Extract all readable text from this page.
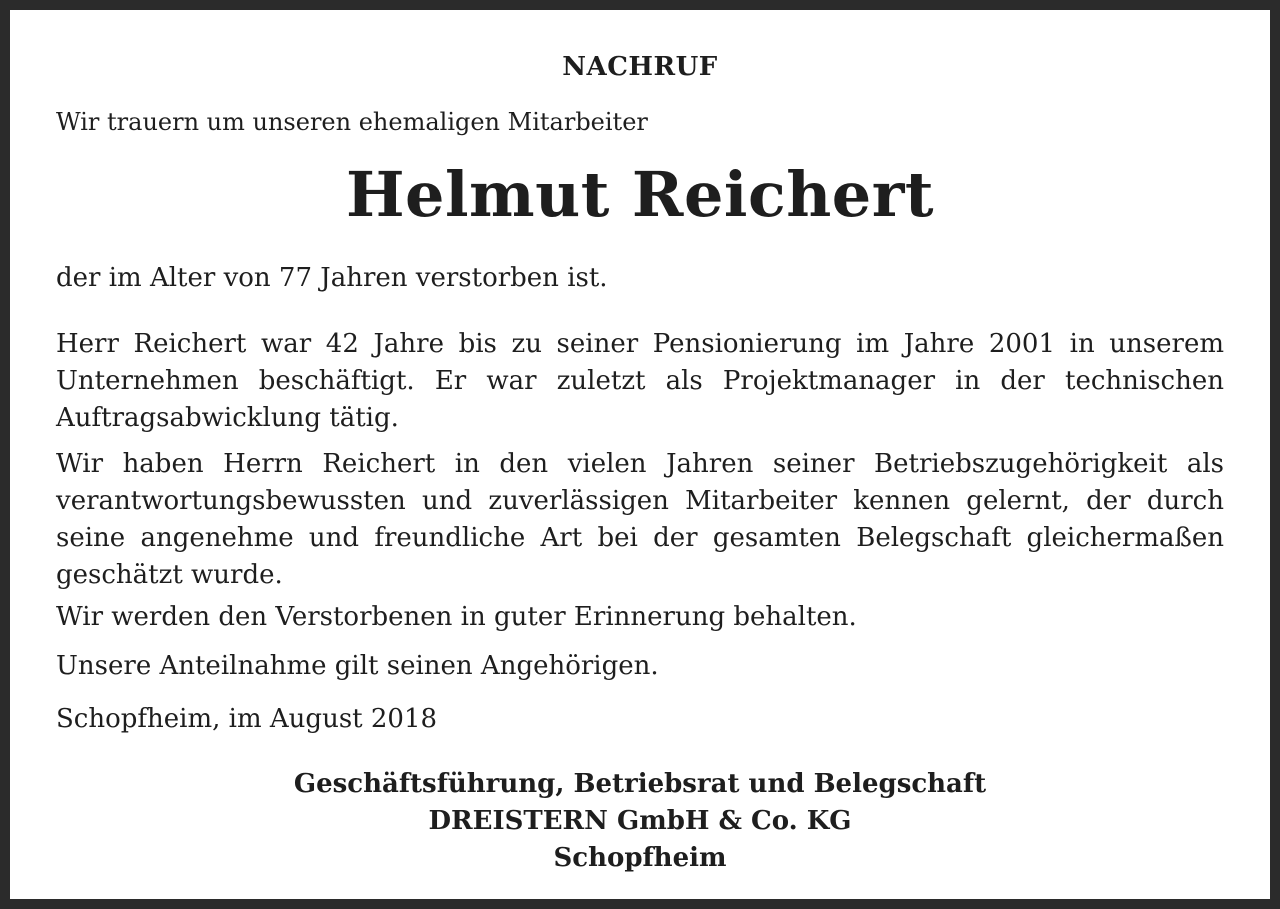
NACHRUF

Wir trauern um unseren ehemaligen Mitarbeiter

Helmut Reichert

der im Alter von 77 Jahren verstorben ist.

Herr Reichert war 42 Jahre bis zu seiner Pensionierung im Jahre 2001 in unserem Unternehmen beschäftigt. Er war zuletzt als Projektmanager in der technischen Auftragsabwicklung tätig.

Wir haben Herrn Reichert in den vielen Jahren seiner Betriebszugehörigkeit als verantwortungsbewussten und zuverlässigen Mitarbeiter kennen gelernt, der durch seine angenehme und freundliche Art bei der gesamten Belegschaft gleichermaßen geschätzt wurde.

Wir werden den Verstorbenen in guter Erinnerung behalten.

Unsere Anteilnahme gilt seinen Angehörigen.

Schopfheim, im August 2018

Geschäftsführung, Betriebsrat und Belegschaft
DREISTERN GmbH & Co. KG
Schopfheim
